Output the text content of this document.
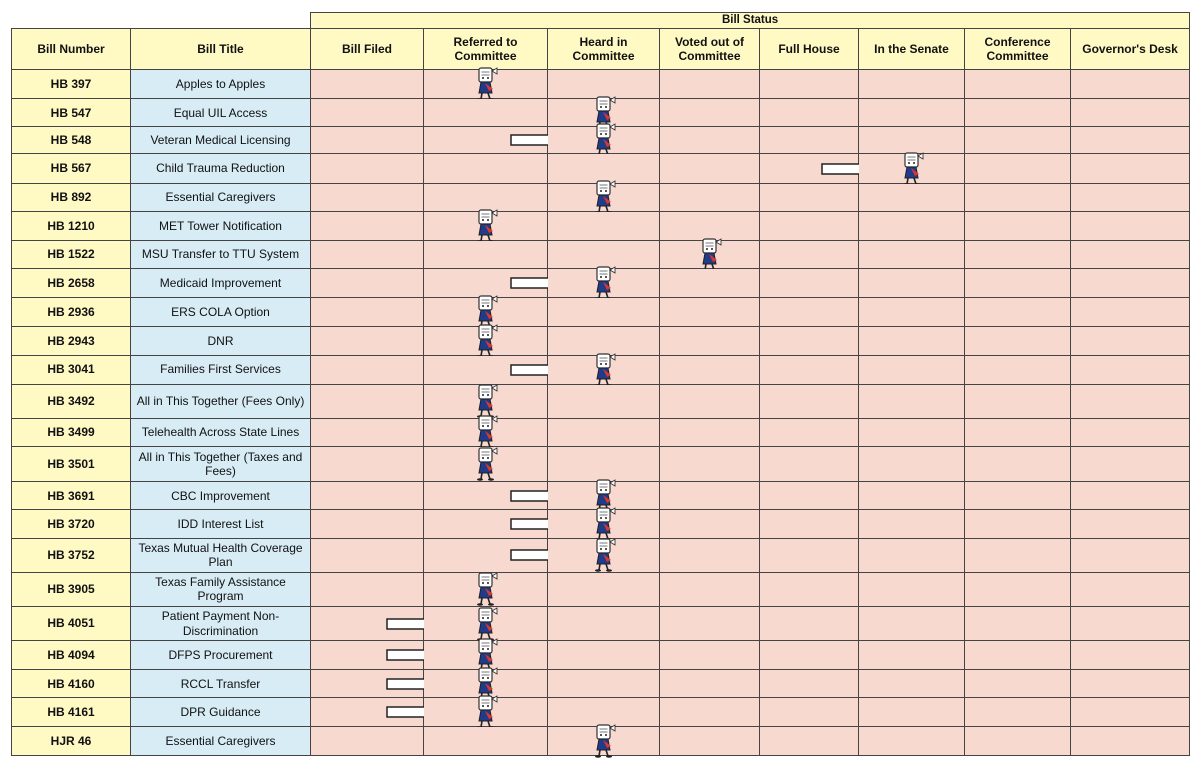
		Bill Status							
Bill Number	Bill Title	Bill Filed	Referred to Committee	Heard in Committee	Voted out of Committee	Full House	In the Senate	Conference Committee	Governor's Desk
HB 397	Apples to Apples		

HB 547	Equal UIL Access			

HB 548	Veteran Medical Licensing		

HB 567	Child Trauma Reduction					

HB 892	Essential Caregivers			

HB 1210	MET Tower Notification		

HB 1522	MSU Transfer to TTU System				

HB 2658	Medicaid Improvement		

HB 2936	ERS COLA Option		

HB 2943	DNR		

HB 3041	Families First Services		

HB 3492	All in This Together (Fees Only)		

HB 3499	Telehealth Across State Lines		

HB 3501	All in This Together (Taxes and Fees)		

HB 3691	CBC Improvement		

HB 3720	IDD Interest List		

HB 3752	Texas Mutual Health Coverage Plan		

HB 3905	Texas Family Assistance Program		

HB 4051	Patient Payment Non-Discrimination	

HB 4094	DFPS Procurement	

HB 4160	RCCL Transfer	

HB 4161	DPR Guidance	

HJR 46	Essential Caregivers			
